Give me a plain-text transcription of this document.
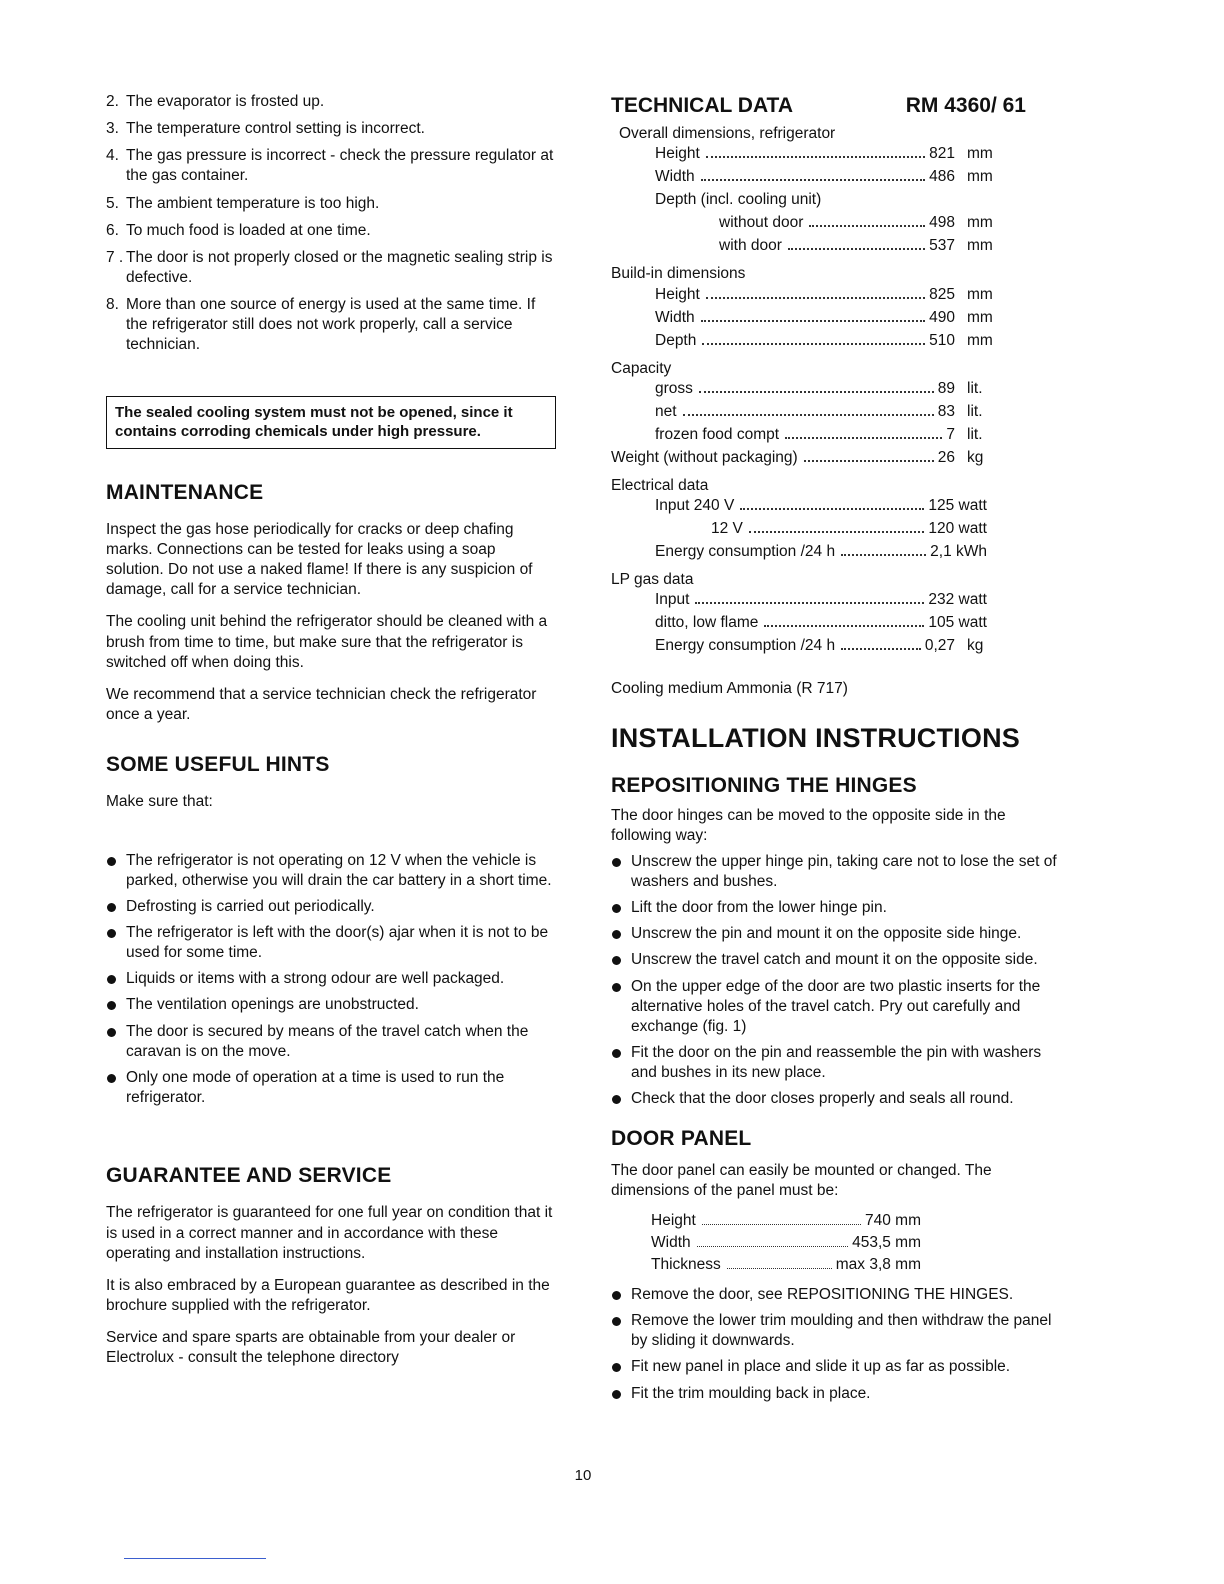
2. The evaporator is frosted up.
3. The temperature control setting is incorrect.
4. The gas pressure is incorrect - check the pressure regulator at the gas container.
5. The ambient temperature is too high.
6. To much food is loaded at one time.
7 . The door is not properly closed or the magnetic sealing strip is defective.
8. More than one source of energy is used at the same time. If the refrigerator still does not work properly, call a service technician.
The sealed cooling system must not be opened, since it contains corroding chemicals under high pressure.
MAINTENANCE

Inspect the gas hose periodically for cracks or deep chafing marks. Connections can be tested for leaks using a soap solution. Do not use a naked flame! If there is any suspicion of damage, call for a service technician.

The cooling unit behind the refrigerator should be cleaned with a brush from time to time, but make sure that the refrigerator is switched off when doing this.

We recommend that a service technician check the refrigerator once a year.

SOME USEFUL HINTS

Make sure that:

The refrigerator is not operating on 12 V when the vehicle is parked, otherwise you will drain the car battery in a short time.
Defrosting is carried out periodically.
The refrigerator is left with the door(s) ajar when it is not to be used for some time.
Liquids or items with a strong odour are well packaged.
The ventilation openings are unobstructed.
The door is secured by means of the travel catch when the caravan is on the move.
Only one mode of operation at a time is used to run the refrigerator.
GUARANTEE AND SERVICE

The refrigerator is guaranteed for one full year on condition that it is used in a correct manner and in accordance with these operating and installation instructions.

It is also embraced by a European guarantee as described in the brochure supplied with the refrigerator.

Service and spare sparts are obtainable from your dealer or Electrolux - consult the telephone directory

TECHNICAL DATA	RM 4360/ 61
Overall dimensions, refrigerator
Height	821 mm
Width	486 mm
Depth (incl. cooling unit)
without door	498 mm
with door	537 mm
Build-in dimensions
Height	825 mm
Width	490 mm
Depth	510 mm
Capacity
gross	89 lit.
net	83 lit.
frozen food compt	7 lit.
Weight (without packaging)	26 kg
Electrical data
Input 240 V	125 watt
12 V	120 watt
Energy consumption /24 h	2,1 kWh
LP gas data
Input	232 watt
ditto, low flame	105 watt
Energy consumption /24 h	0,27 kg

Cooling medium Ammonia (R 717)

INSTALLATION INSTRUCTIONS
REPOSITIONING THE HINGES

The door hinges can be moved to the opposite side in the following way:

Unscrew the upper hinge pin, taking care not to lose the set of washers and bushes.
Lift the door from the lower hinge pin.
Unscrew the pin and mount it on the opposite side hinge.
Unscrew the travel catch and mount it on the opposite side.
On the upper edge of the door are two plastic inserts for the alternative holes of the travel catch. Pry out carefully and exchange (fig. 1)
Fit the door on the pin and reassemble the pin with washers and bushes in its new place.
Check that the door closes properly and seals all round.
DOOR PANEL

The door panel can easily be mounted or changed. The dimensions of the panel must be:

Height	740 mm
Width	453,5 mm
Thickness	max 3,8 mm
Remove the door, see REPOSITIONING THE HINGES.
Remove the lower trim moulding and then withdraw the panel by sliding it downwards.
Fit new panel in place and slide it up as far as possible.
Fit the trim moulding back in place.
10
